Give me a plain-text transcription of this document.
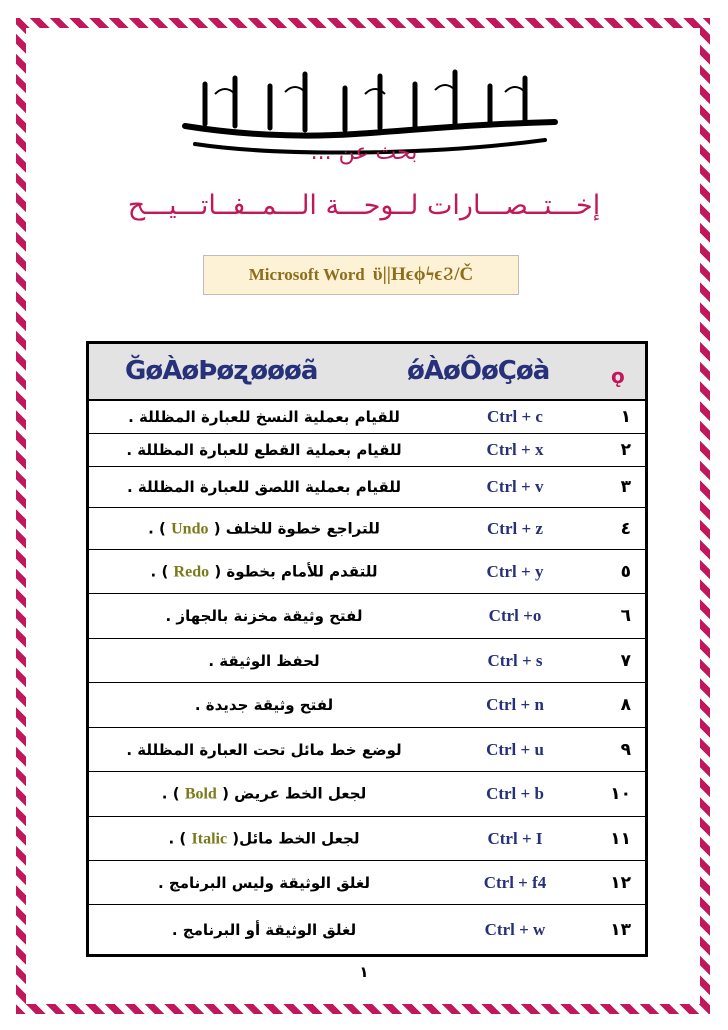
بحث عن ...
إخـــتــصـــارات لــوحـــة الـــمــفــاتـــيـــح
Microsoft Word ϋ||ΗϵϕϟϵϨ/Č
ĞøÀøÞøʐøøøã	ǿÀøÔøÇøà	ǫ
١
Ctrl + c
للقيام بعملية النسخ للعبارة المظللة .
٢
Ctrl + x
للقيام بعملية القطع للعبارة المظللة .
٣
Ctrl + v
للقيام بعملية اللصق للعبارة المظللة .
٤
Ctrl + z
للتراجع خطوة للخلف ( Undo ) .
٥
Ctrl + y
للتقدم للأمام بخطوة ( Redo ) .
٦
Ctrl +o
لفتح وثيقة مخزنة بالجهاز .
٧
Ctrl + s
لحفظ الوثيقة .
٨
Ctrl + n
لفتح وثيقة جديدة .
٩
Ctrl + u
لوضع خط مائل تحت العبارة المظللة .
١٠
Ctrl + b
لجعل الخط عريض ( Bold ) .
١١
Ctrl + I
لجعل الخط مائل( Italic ) .
١٢
Ctrl + f4
لغلق الوثيقة وليس البرنامج .
١٣
Ctrl + w
لغلق الوثيقة أو البرنامج .
١
